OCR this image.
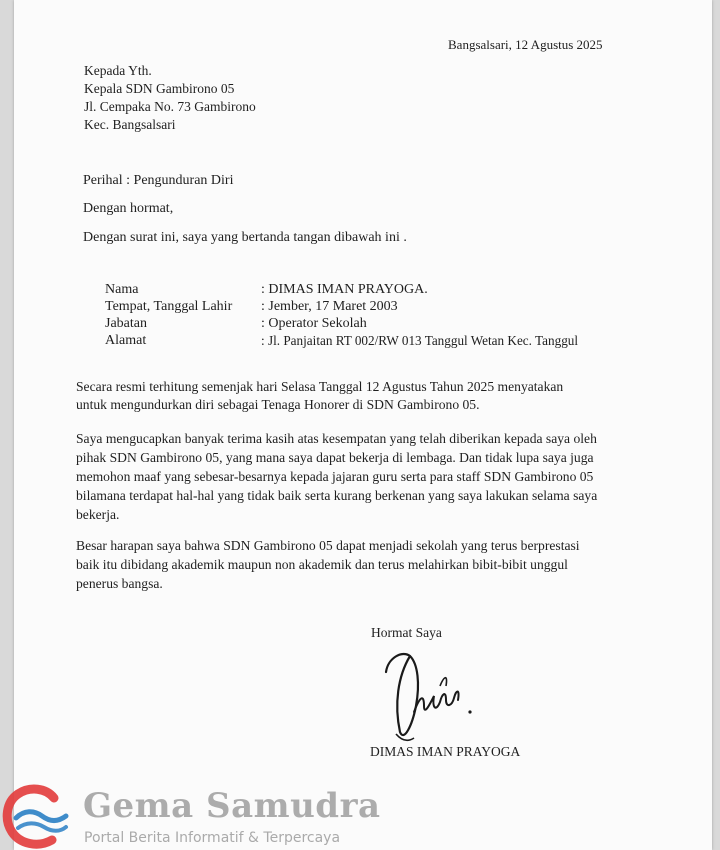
Bangsalsari, 12 Agustus 2025
Kepada Yth.
Kepala SDN Gambirono 05
Jl. Cempaka No. 73 Gambirono
Kec. Bangsalsari
Perihal : Pengunduran Diri
Dengan hormat,
Dengan surat ini, saya yang bertanda tangan dibawah ini .
Nama	: DIMAS IMAN PRAYOGA.
Tempat, Tanggal Lahir : Jember, 17 Maret 2003
Jabatan	: Operator Sekolah
Alamat	: Jl. Panjaitan RT 002/RW 013 Tanggul Wetan Kec. Tanggul
Secara resmi terhitung semenjak hari Selasa Tanggal 12 Agustus Tahun 2025 menyatakan
untuk mengundurkan diri sebagai Tenaga Honorer di SDN Gambirono 05.
Saya mengucapkan banyak terima kasih atas kesempatan yang telah diberikan kepada saya oleh
pihak SDN Gambirono 05, yang mana saya dapat bekerja di lembaga. Dan tidak lupa saya juga
memohon maaf yang sebesar-besarnya kepada jajaran guru serta para staff SDN Gambirono 05
bilamana terdapat hal-hal yang tidak baik serta kurang berkenan yang saya lakukan selama saya
bekerja.
Besar harapan saya bahwa SDN Gambirono 05 dapat menjadi sekolah yang terus berprestasi
baik itu dibidang akademik maupun non akademik dan terus melahirkan bibit-bibit unggul
penerus bangsa.
Hormat Saya
DIMAS IMAN PRAYOGA
Gema Samudra
Portal Berita Informatif & Terpercaya
